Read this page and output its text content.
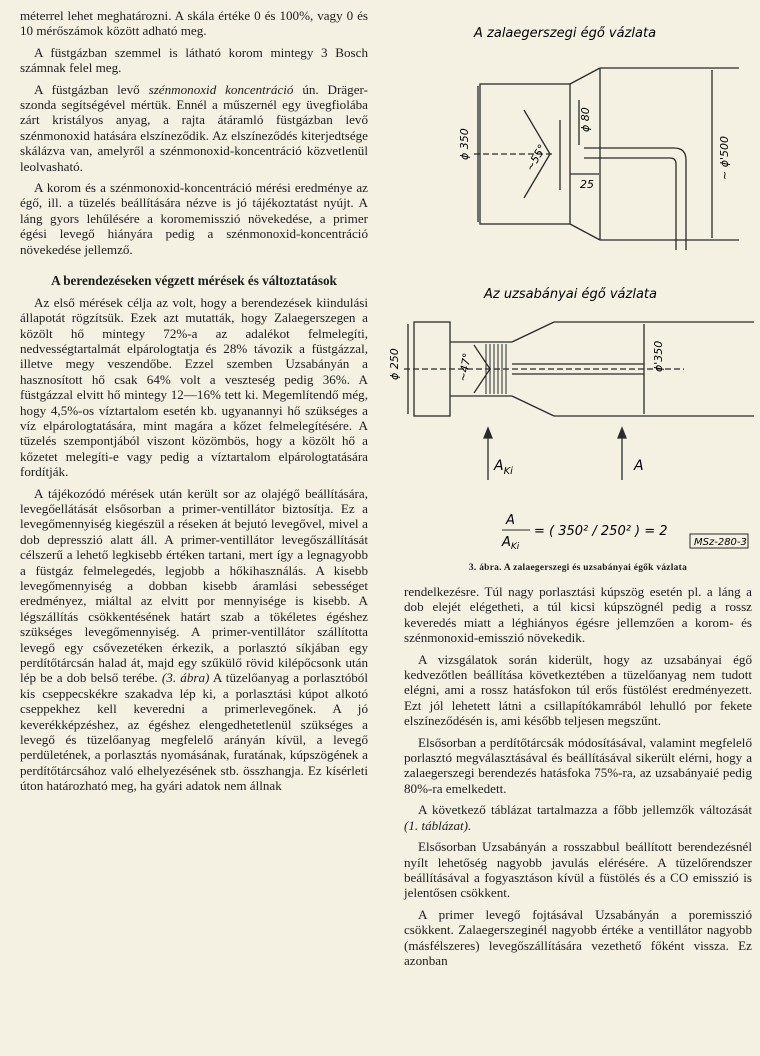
méterrel lehet meghatározni. A skála értéke 0 és 100%, vagy 0 és 10 mérőszámok között adható meg.

A füstgázban szemmel is látható korom mintegy 3 Bosch számnak felel meg.

A füstgázban levő szénmonoxid koncentráció ún. Dräger-szonda segítségével mértük. Ennél a műszernél egy üvegfiolába zárt kristályos anyag, a rajta átáramló füstgázban levő szénmonoxid hatására elszíneződik. Az elszíneződés kiterjedtsége skálázva van, amelyről a szénmonoxid-koncentráció közvetlenül leolvasható.

A korom és a szénmonoxid-koncentráció mérési eredménye az égő, ill. a tüzelés beállítására nézve is jó tájékoztatást nyújt. A láng gyors lehűlésére a koromemisszió növekedése, a primer égési levegő hiányára pedig a szénmonoxid-koncentráció növekedése jellemző.

A berendezéseken végzett mérések és változtatások

Az első mérések célja az volt, hogy a berendezések kiindulási állapotát rögzítsük. Ezek azt mutatták, hogy Zalaegerszegen a közölt hő mintegy 72%-a az adalékot felmelegíti, nedvességtartalmát elpárologtatja és 28% távozik a füstgázzal, illetve megy veszendőbe. Ezzel szemben Uzsabányán a hasznosított hő csak 64% volt a veszteség pedig 36%. A füstgázzal elvitt hő mintegy 12—16% tett ki. Megemlítendő még, hogy 4,5%-os víztartalom esetén kb. ugyanannyi hő szükséges a víz elpárologtatására, mint magára a kőzet felmelegítésére. A tüzelés szempontjából viszont közömbös, hogy a közölt hő a kőzetet melegíti-e vagy pedig a víztartalom elpárologtatására fordítják.

A tájékozódó mérések után került sor az olajégő beállítására, levegőellátását elsősorban a primer-ventillátor biztosítja. Ez a levegőmennyiség kiegészül a réseken át bejutó levegővel, mivel a dob depresszió alatt áll. A primer-ventillátor levegőszállítását célszerű a lehető legkisebb értéken tartani, mert így a legnagyobb a füstgáz felmelegedés, legjobb a hőkihasználás. A kisebb levegőmennyiség a dobban kisebb áramlási sebességet eredményez, miáltal az elvitt por mennyisége is kisebb. A légszállítás csökkentésének határt szab a tökéletes égéshez szükséges levegőmennyiség. A primer-ventillátor szállította levegő egy csővezetéken érkezik, a porlasztó síkjában egy perdítőtárcsán halad át, majd egy szűkülő rövid kilépőcsonk után lép be a dob belső terébe. (3. ábra) A tüzelőanyag a porlasztóból kis cseppecskékre szakadva lép ki, a porlasztási kúpot alkotó cseppekhez kell keveredni a primerlevegőnek. A jó keverékképzéshez, az égéshez elengedhetetlenül szükséges a levegő és tüzelőanyag megfelelő arányán kívül, a levegő perdületének, a porlasztás nyomásának, furatának, kúpszögének a perdítőtárcsához való elhelyezésének stb. összhangja. Ez kísérleti úton határozható meg, ha gyári adatok nem állnak

A zalaegerszegi égő vázlata
ϕ 350	~55°
ϕ 80
25
~ ϕ'500
Az uzsabányai égő vázlata
ϕ 250	~47°	ϕ'350
$A_{Ki}$	A
A
$A_{Ki}$
= ( 350² / 250² ) = 2
MSz-280-3
3. ábra. A zalaegerszegi és uzsabányai égők vázlata

rendelkezésre. Túl nagy porlasztási kúpszög esetén pl. a láng a dob elejét elégetheti, a túl kicsi kúpszögnél pedig a rossz keveredés miatt a léghiányos égésre jellemzően a korom- és szénmonoxid-emisszió növekedik.

A vizsgálatok során kiderült, hogy az uzsabányai égő kedvezőtlen beállítása következtében a tüzelőanyag nem tudott elégni, ami a rossz hatásfokon túl erős füstölést eredményezett. Ezt jól lehetett látni a csillapítókamrából lehulló por fekete elszíneződésén is, ami később teljesen megszűnt.

Elsősorban a perdítőtárcsák módosításával, valamint megfelelő porlasztó megválasztásával és beállításával sikerült elérni, hogy a zalaegerszegi berendezés hatásfoka 75%-ra, az uzsabányaié pedig 80%-ra emelkedett.

A következő táblázat tartalmazza a főbb jellemzők változását (1. táblázat).

Elsősorban Uzsabányán a rosszabbul beállított berendezésnél nyílt lehetőség nagyobb javulás elérésére. A tüzelőrendszer beállításával a fogyasztáson kívül a füstölés és a CO emisszió is jelentősen csökkent.

A primer levegő fojtásával Uzsabányán a poremisszió csökkent. Zalaegerszeginél nagyobb értéke a ventillátor nagyobb (másfélszeres) levegőszállítására vezethető főként vissza. Ez azonban
